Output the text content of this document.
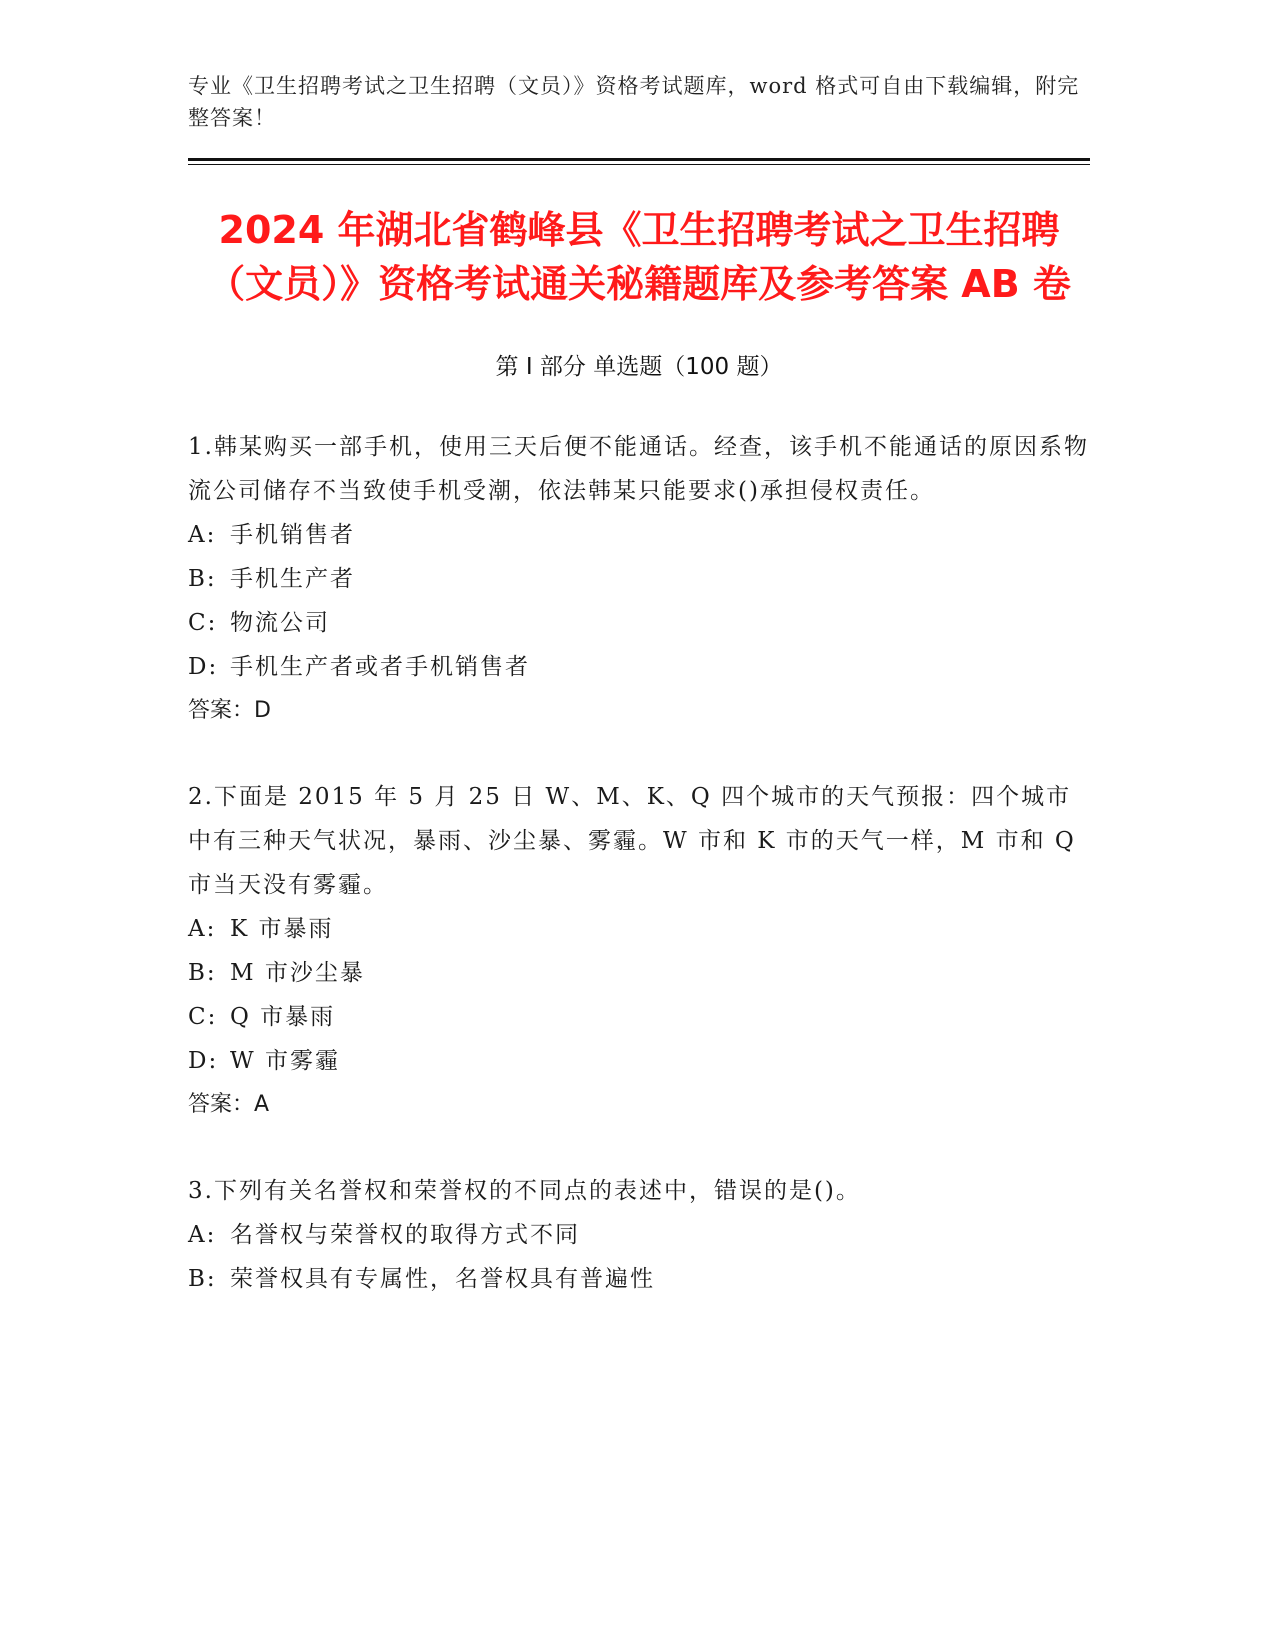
专业《卫生招聘考试之卫生招聘（文员）》资格考试题库，word 格式可自由下载编辑，附完整答案！
2024 年湖北省鹤峰县《卫生招聘考试之卫生招聘（文员）》资格考试通关秘籍题库及参考答案 AB 卷
第 I 部分 单选题（100 题）
1.韩某购买一部手机，使用三天后便不能通话。经查，该手机不能通话的原因系物流公司储存不当致使手机受潮，依法韩某只能要求()承担侵权责任。
A: 手机销售者
B: 手机生产者
C: 物流公司
D: 手机生产者或者手机销售者
答案：D
2.下面是 2015 年 5 月 25 日 W、M、K、Q 四个城市的天气预报：四个城市中有三种天气状况，暴雨、沙尘暴、雾霾。W 市和 K 市的天气一样，M 市和 Q 市当天没有雾霾。
A: K 市暴雨
B: M 市沙尘暴
C: Q 市暴雨
D: W 市雾霾
答案：A
3.下列有关名誉权和荣誉权的不同点的表述中，错误的是()。
A: 名誉权与荣誉权的取得方式不同
B: 荣誉权具有专属性，名誉权具有普遍性
